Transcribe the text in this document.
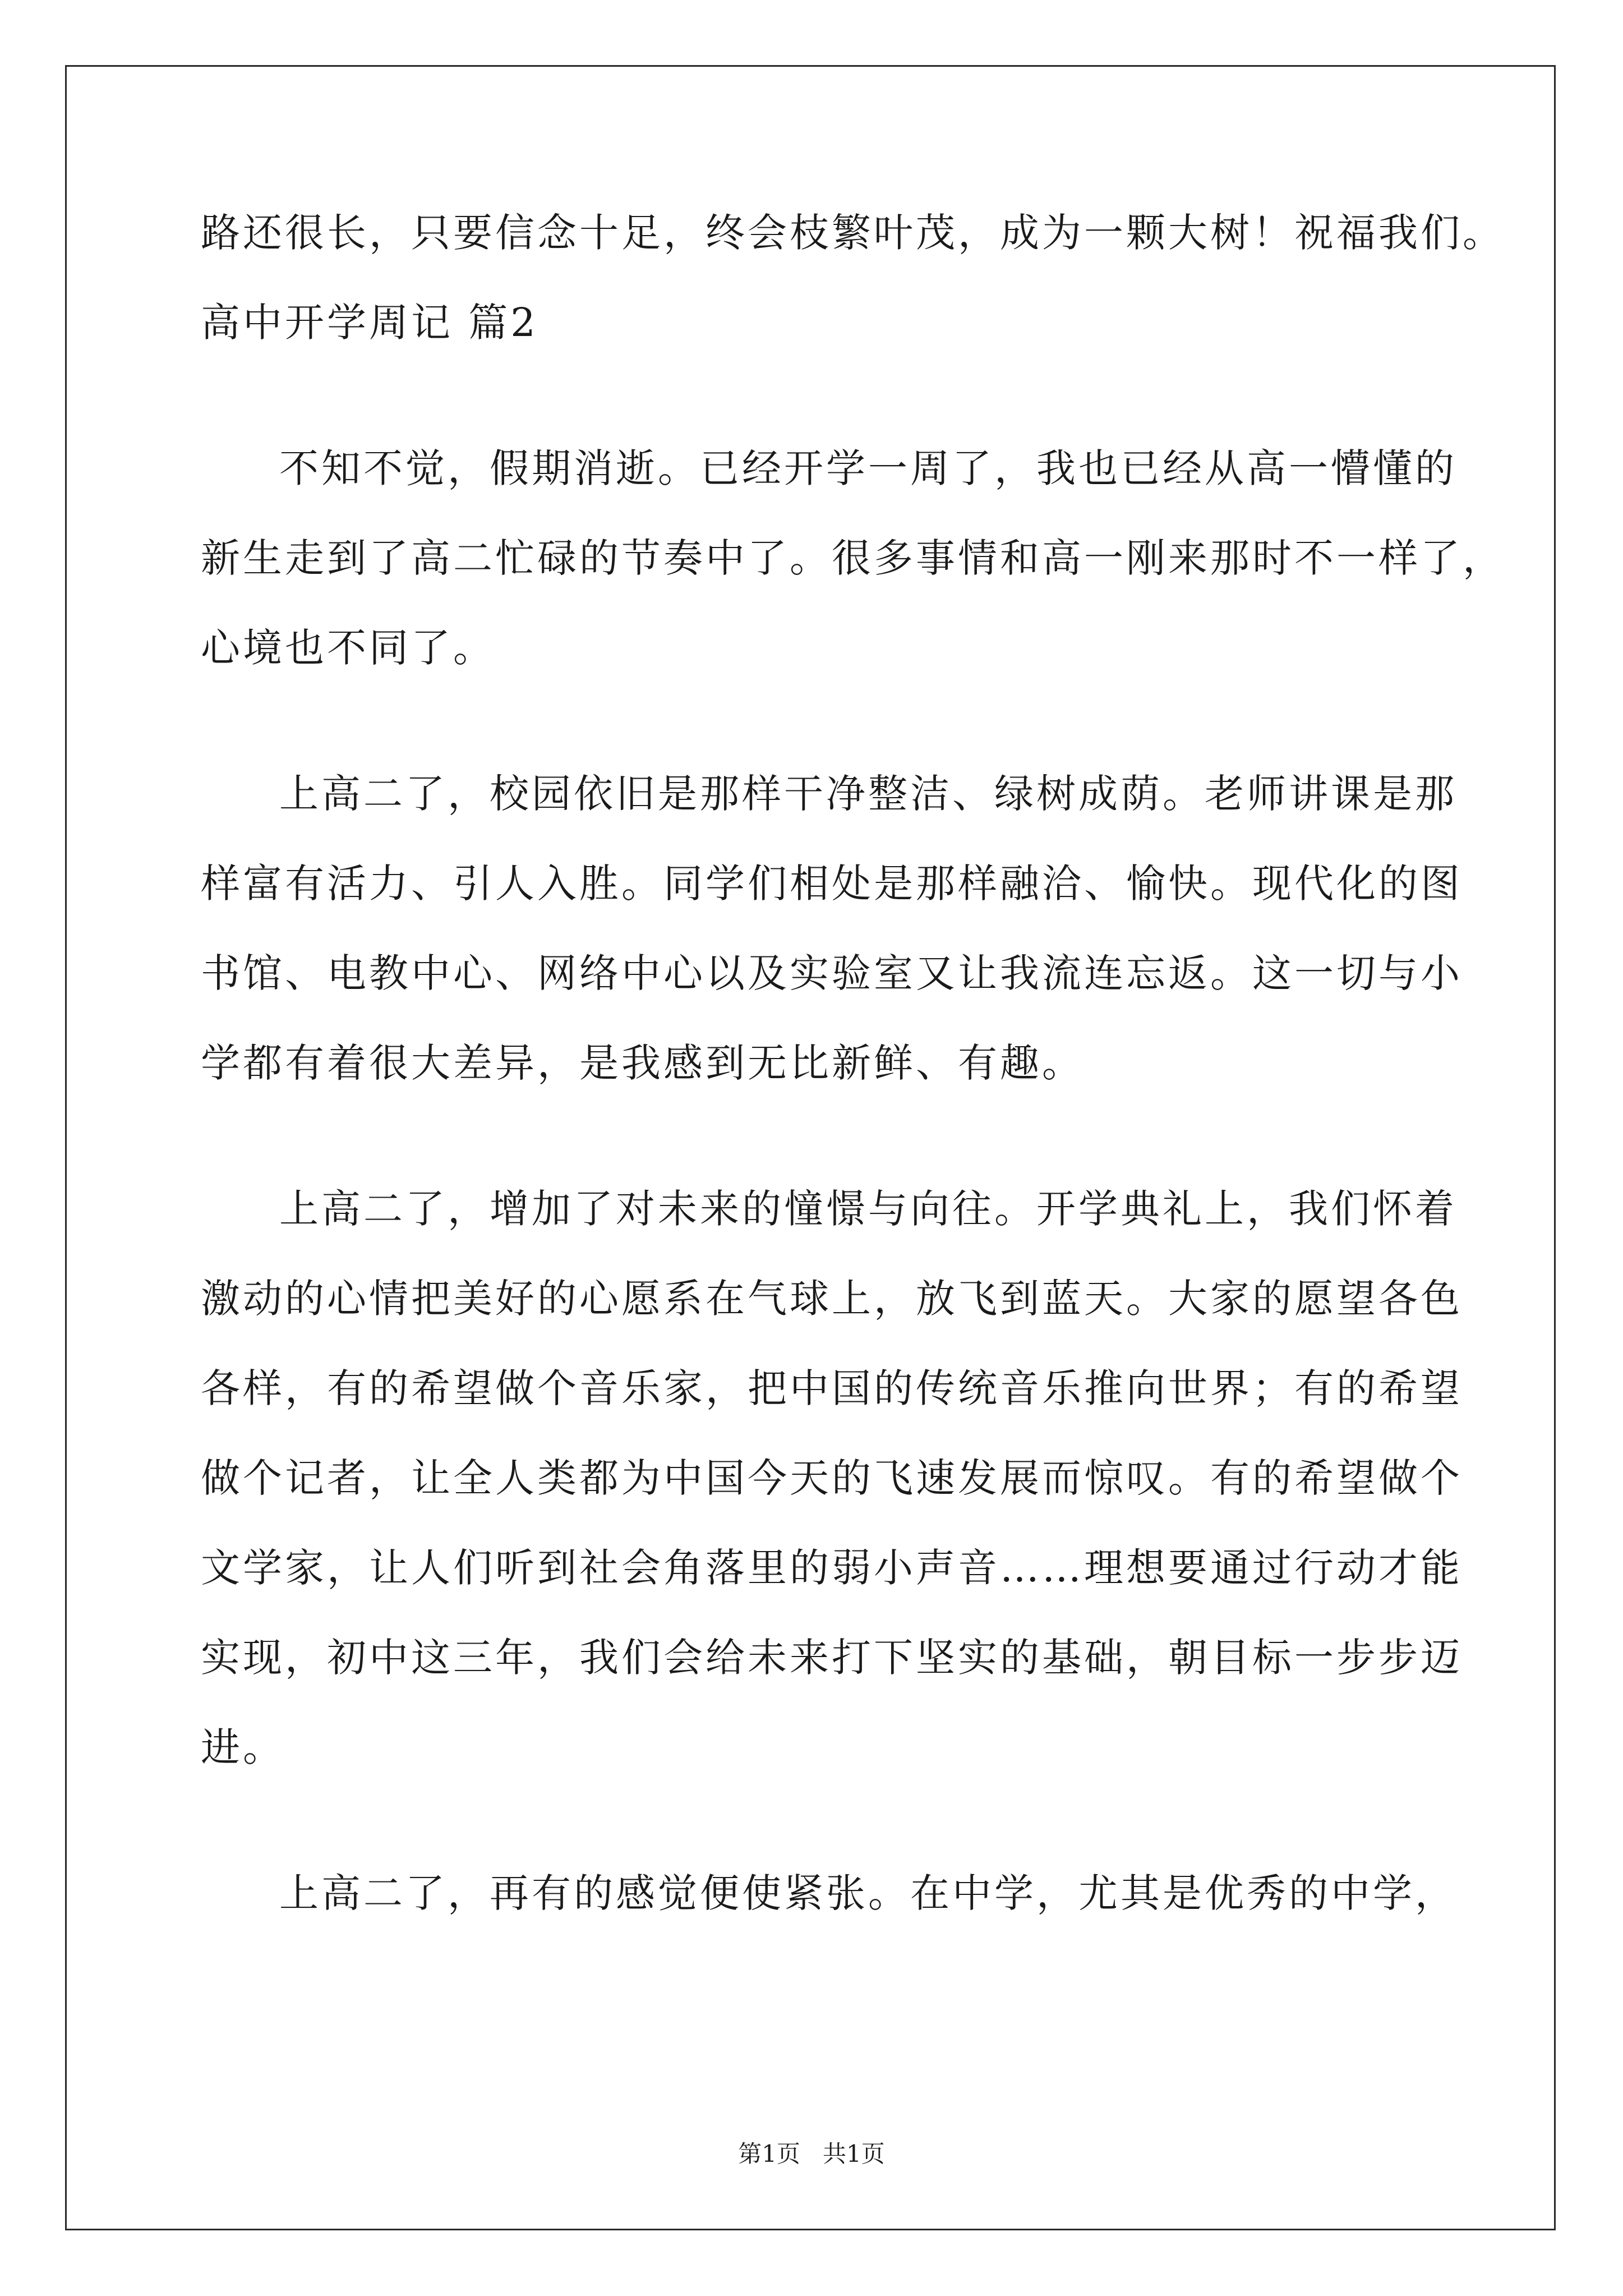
路还很长，只要信念十足，终会枝繁叶茂，成为一颗大树！祝福我们。
高中开学周记 篇2
不知不觉，假期消逝。已经开学一周了，我也已经从高一懵懂的
新生走到了高二忙碌的节奏中了。很多事情和高一刚来那时不一样了，
心境也不同了。
上高二了，校园依旧是那样干净整洁、绿树成荫。老师讲课是那
样富有活力、引人入胜。同学们相处是那样融洽、愉快。现代化的图
书馆、电教中心、网络中心以及实验室又让我流连忘返。这一切与小
学都有着很大差异，是我感到无比新鲜、有趣。
上高二了，增加了对未来的憧憬与向往。开学典礼上，我们怀着
激动的心情把美好的心愿系在气球上，放飞到蓝天。大家的愿望各色
各样，有的希望做个音乐家，把中国的传统音乐推向世界；有的希望
做个记者，让全人类都为中国今天的飞速发展而惊叹。有的希望做个
文学家，让人们听到社会角落里的弱小声音……理想要通过行动才能
实现，初中这三年，我们会给未来打下坚实的基础，朝目标一步步迈
进。
上高二了，再有的感觉便使紧张。在中学，尤其是优秀的中学，
第1页   共1页
